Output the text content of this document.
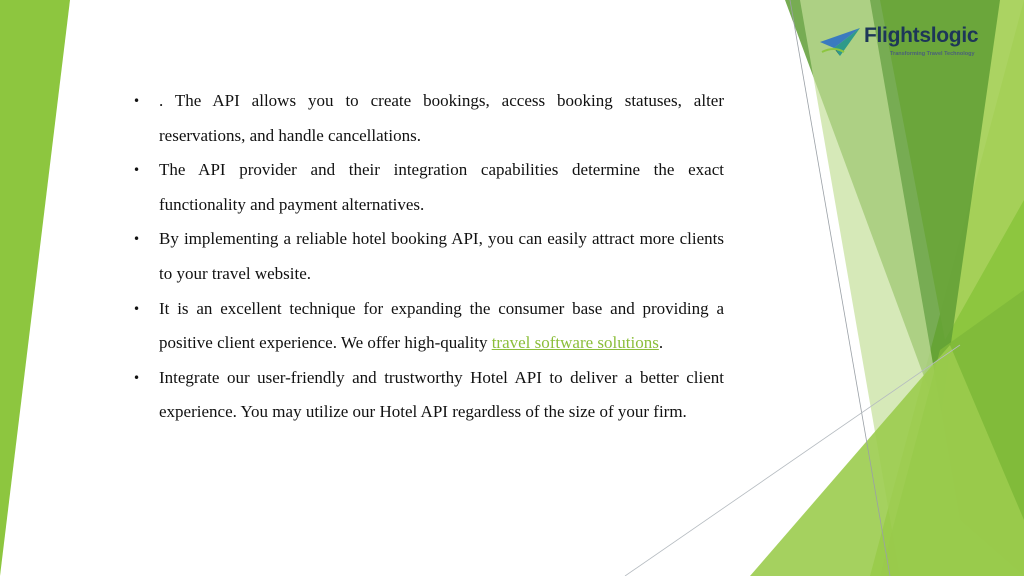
Flightslogic
Transforming Travel Technology
• . The API allows you to create bookings, access booking statuses, alter reservations, and handle cancellations.
• The API provider and their integration capabilities determine the exact functionality and payment alternatives.
• By implementing a reliable hotel booking API, you can easily attract more clients to your travel website.
• It is an excellent technique for expanding the consumer base and providing a positive client experience. We offer high-quality travel software solutions.
• Integrate our user-friendly and trustworthy Hotel API to deliver a better client experience. You may utilize our Hotel API regardless of the size of your firm.
